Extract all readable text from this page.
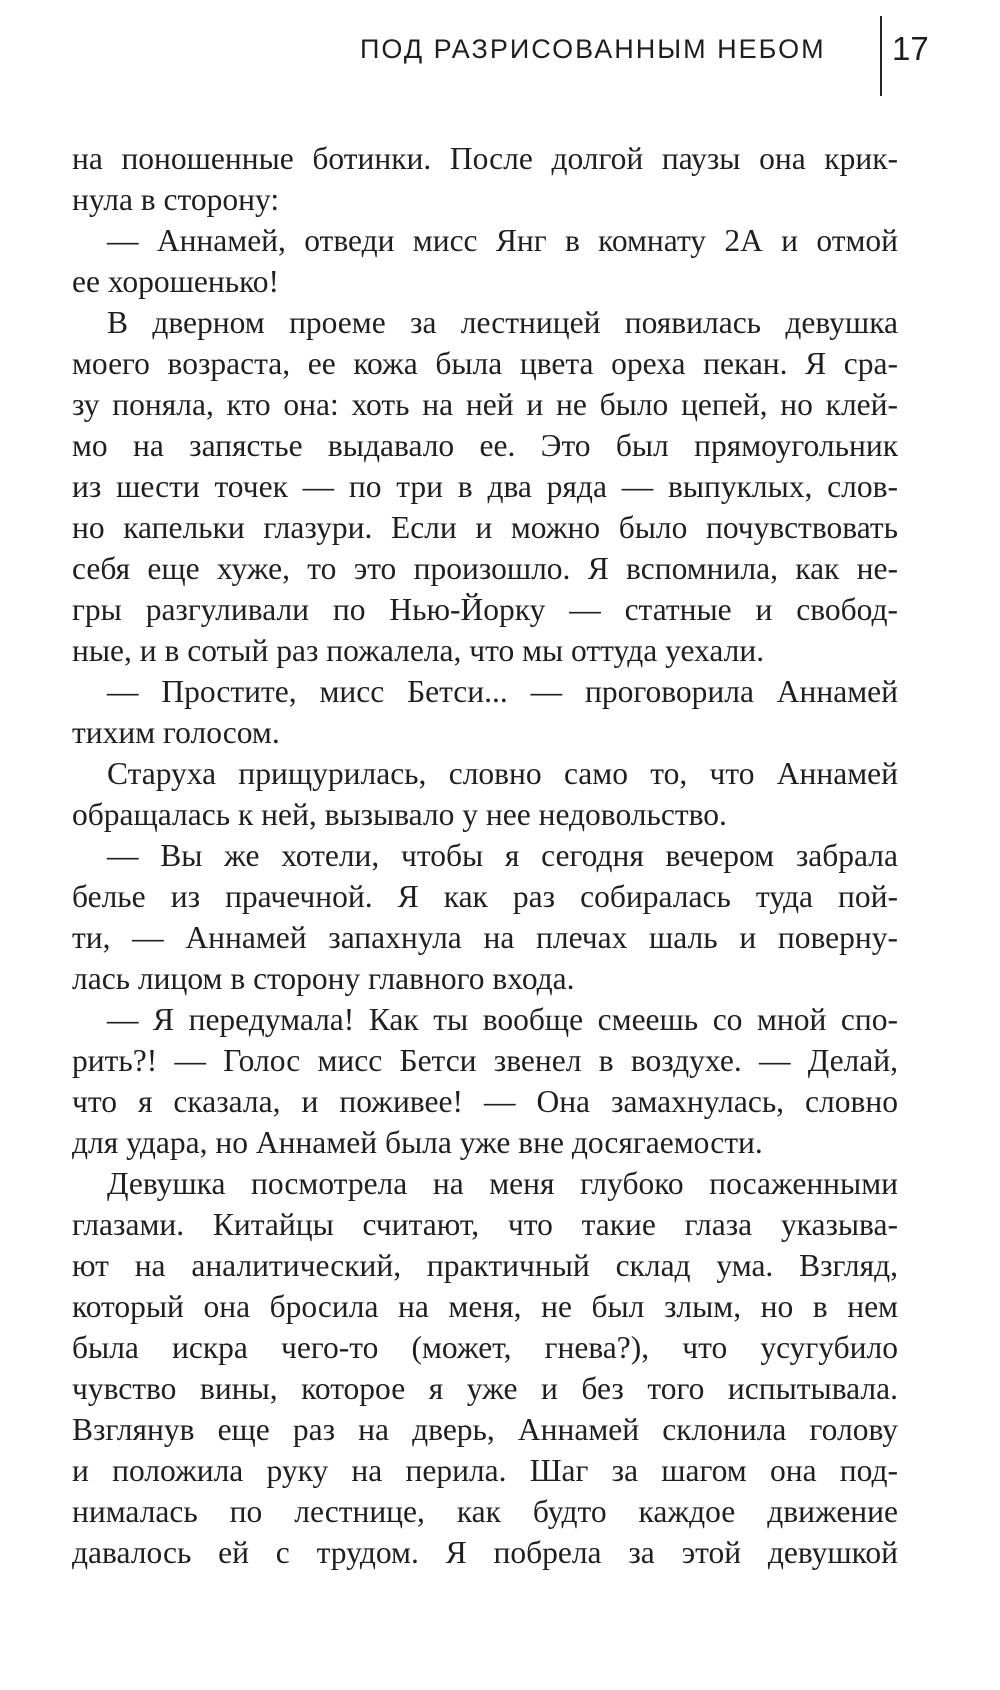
ПОД РАЗРИСОВАННЫМ НЕБОМ 17
на поношенные ботинки. После долгой паузы она крик-
нула в сторону:
— Аннамей, отведи мисс Янг в комнату 2А и отмой
ее хорошенько!
В дверном проеме за лестницей появилась девушка
моего возраста, ее кожа была цвета ореха пекан. Я сра-
зу поняла, кто она: хоть на ней и не было цепей, но клей-
мо на запястье выдавало ее. Это был прямоугольник
из шести точек — по три в два ряда — выпуклых, слов-
но капельки глазури. Если и можно было почувствовать
себя еще хуже, то это произошло. Я вспомнила, как не-
гры разгуливали по Нью-Йорку — статные и свобод-
ные, и в сотый раз пожалела, что мы оттуда уехали.
— Простите, мисс Бетси... — проговорила Аннамей
тихим голосом.
Старуха прищурилась, словно само то, что Аннамей
обращалась к ней, вызывало у нее недовольство.
— Вы же хотели, чтобы я сегодня вечером забрала
белье из прачечной. Я как раз собиралась туда пой-
ти, — Аннамей запахнула на плечах шаль и поверну-
лась лицом в сторону главного входа.
— Я передумала! Как ты вообще смеешь со мной спо-
рить?! — Голос мисс Бетси звенел в воздухе. — Делай,
что я сказала, и поживее! — Она замахнулась, словно
для удара, но Аннамей была уже вне досягаемости.
Девушка посмотрела на меня глубоко посаженными
глазами. Китайцы считают, что такие глаза указыва-
ют на аналитический, практичный склад ума. Взгляд,
который она бросила на меня, не был злым, но в нем
была искра чего-то (может, гнева?), что усугубило
чувство вины, которое я уже и без того испытывала.
Взглянув еще раз на дверь, Аннамей склонила голову
и положила руку на перила. Шаг за шагом она под-
нималась по лестнице, как будто каждое движение
давалось ей с трудом. Я побрела за этой девушкой
